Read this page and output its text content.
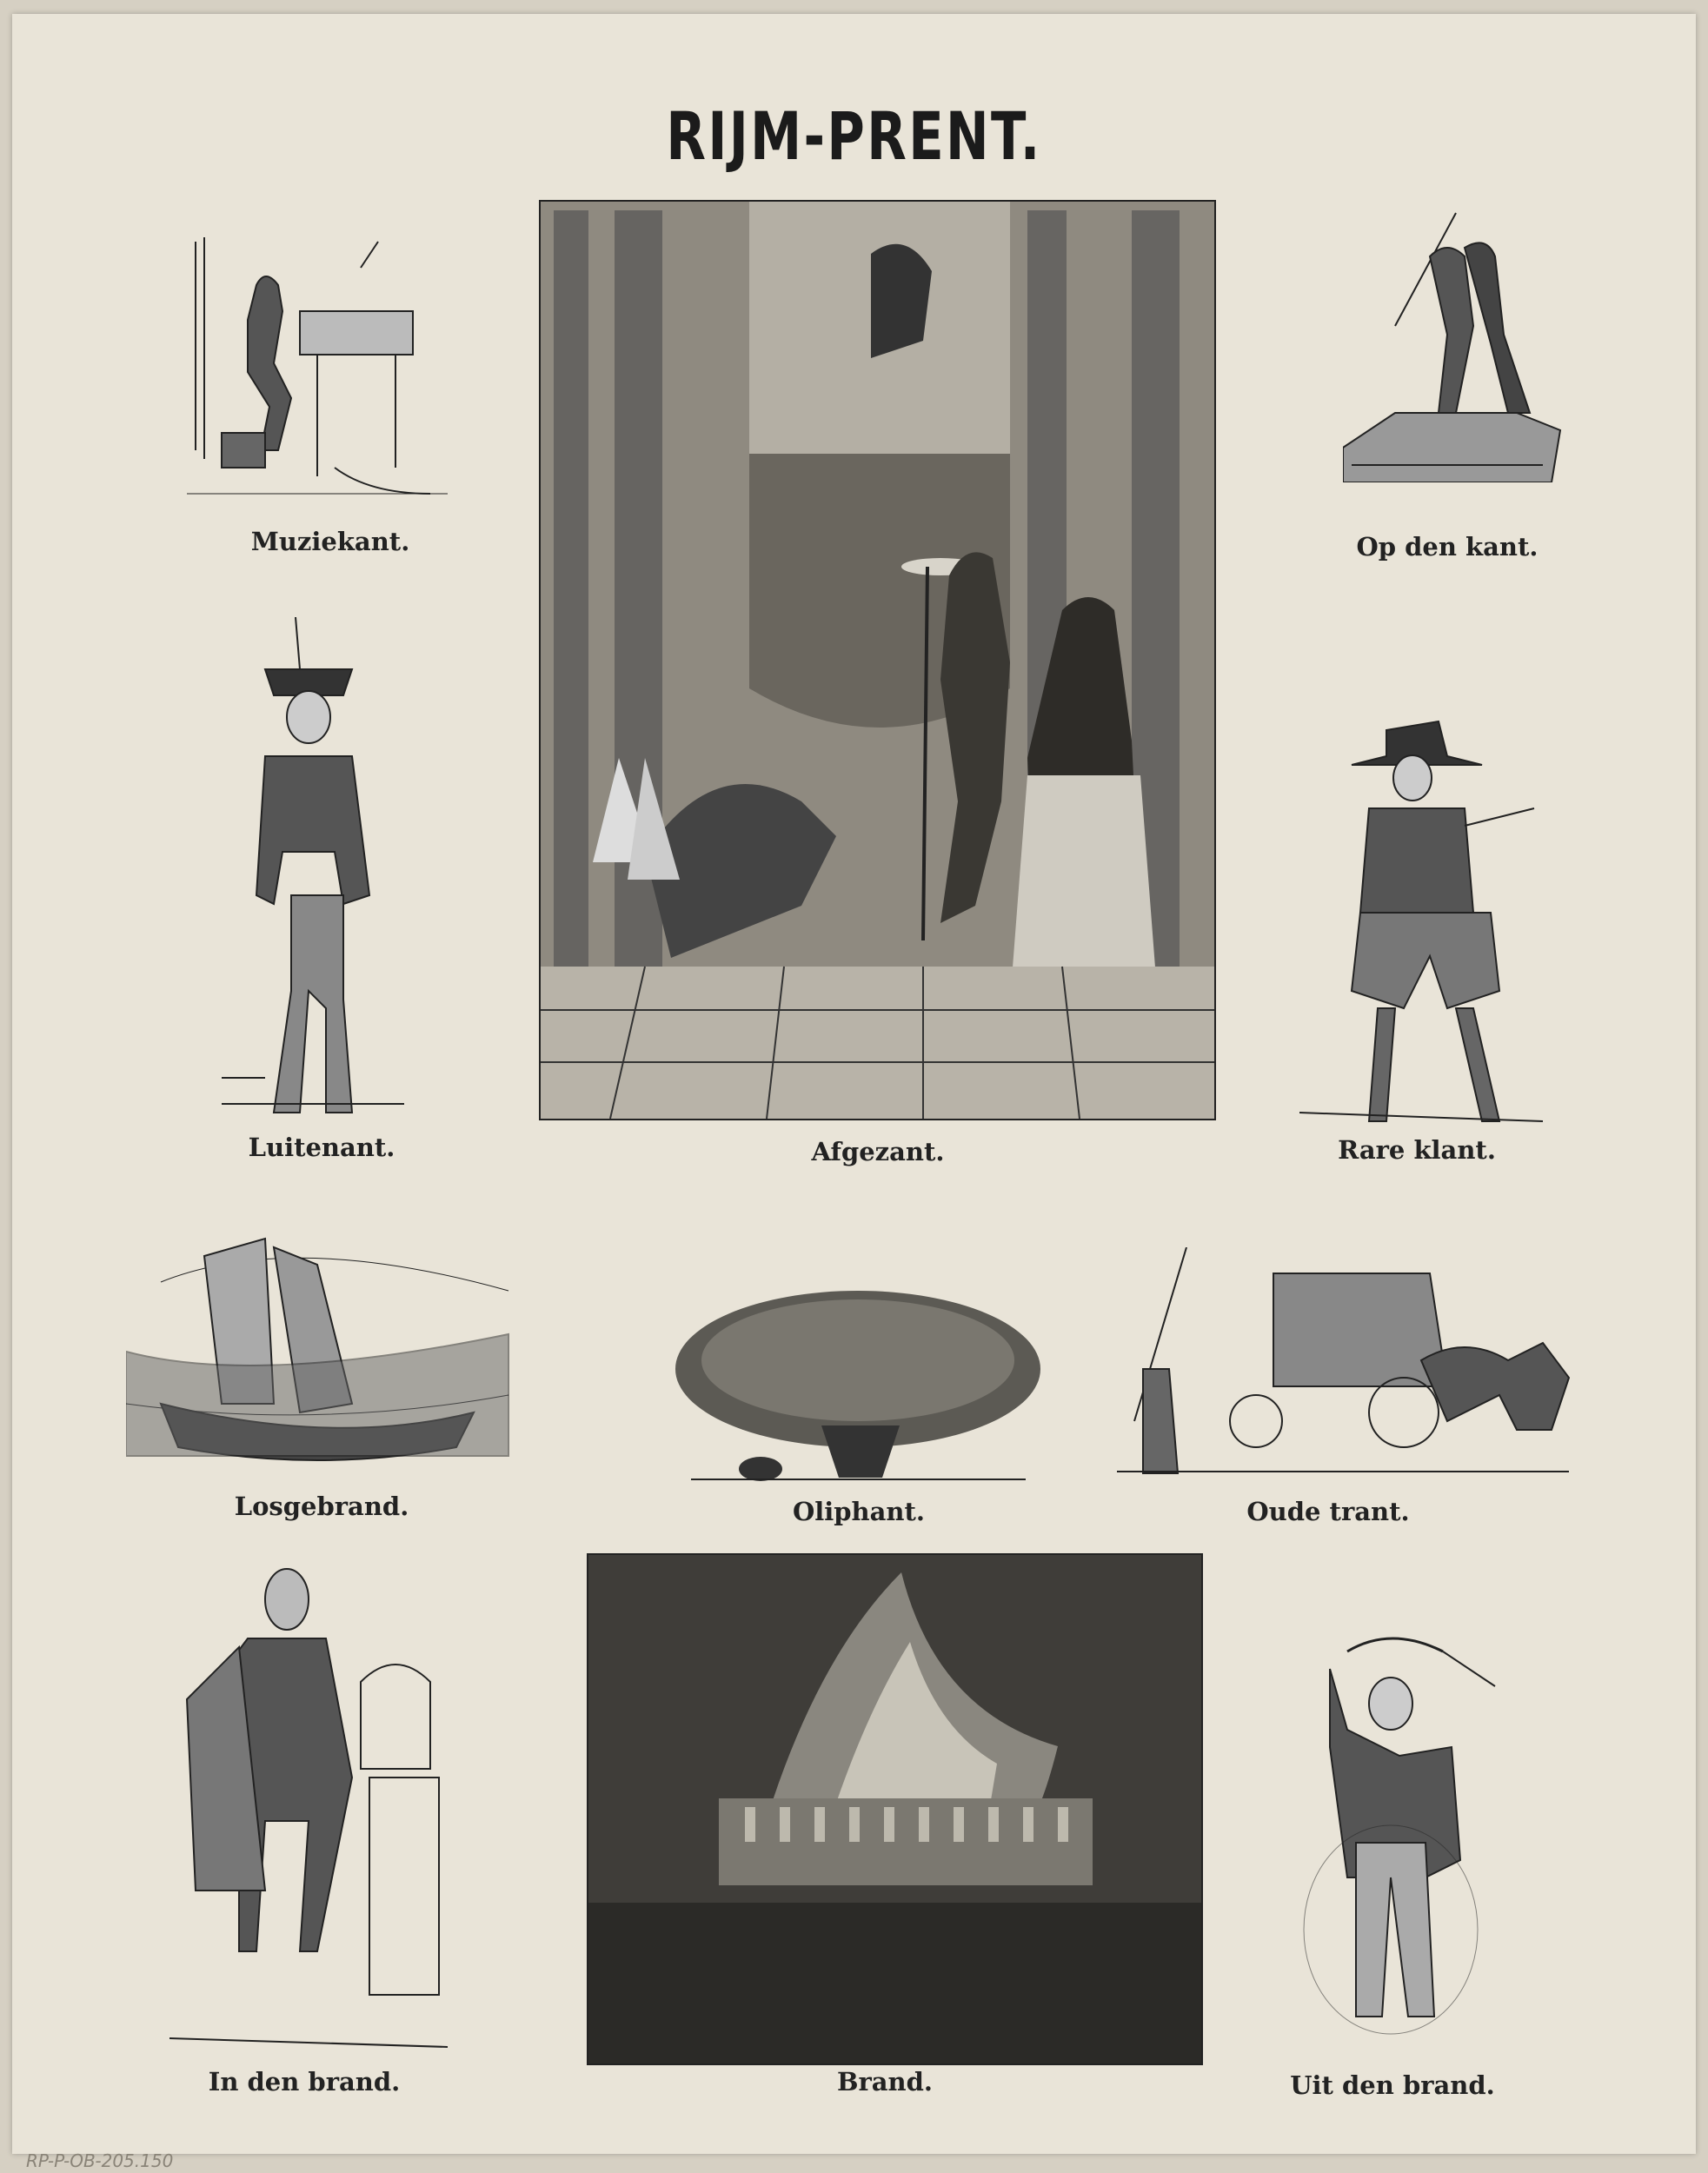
RIJM-PRENT.
Muziekant.
Afgezant.
Op den kant.
Luitenant.	Rare klant.
Losgebrand.	Oliphant.	Oude trant.
In den brand.	Brand.	Uit den brand.
RP-P-OB-205.150
